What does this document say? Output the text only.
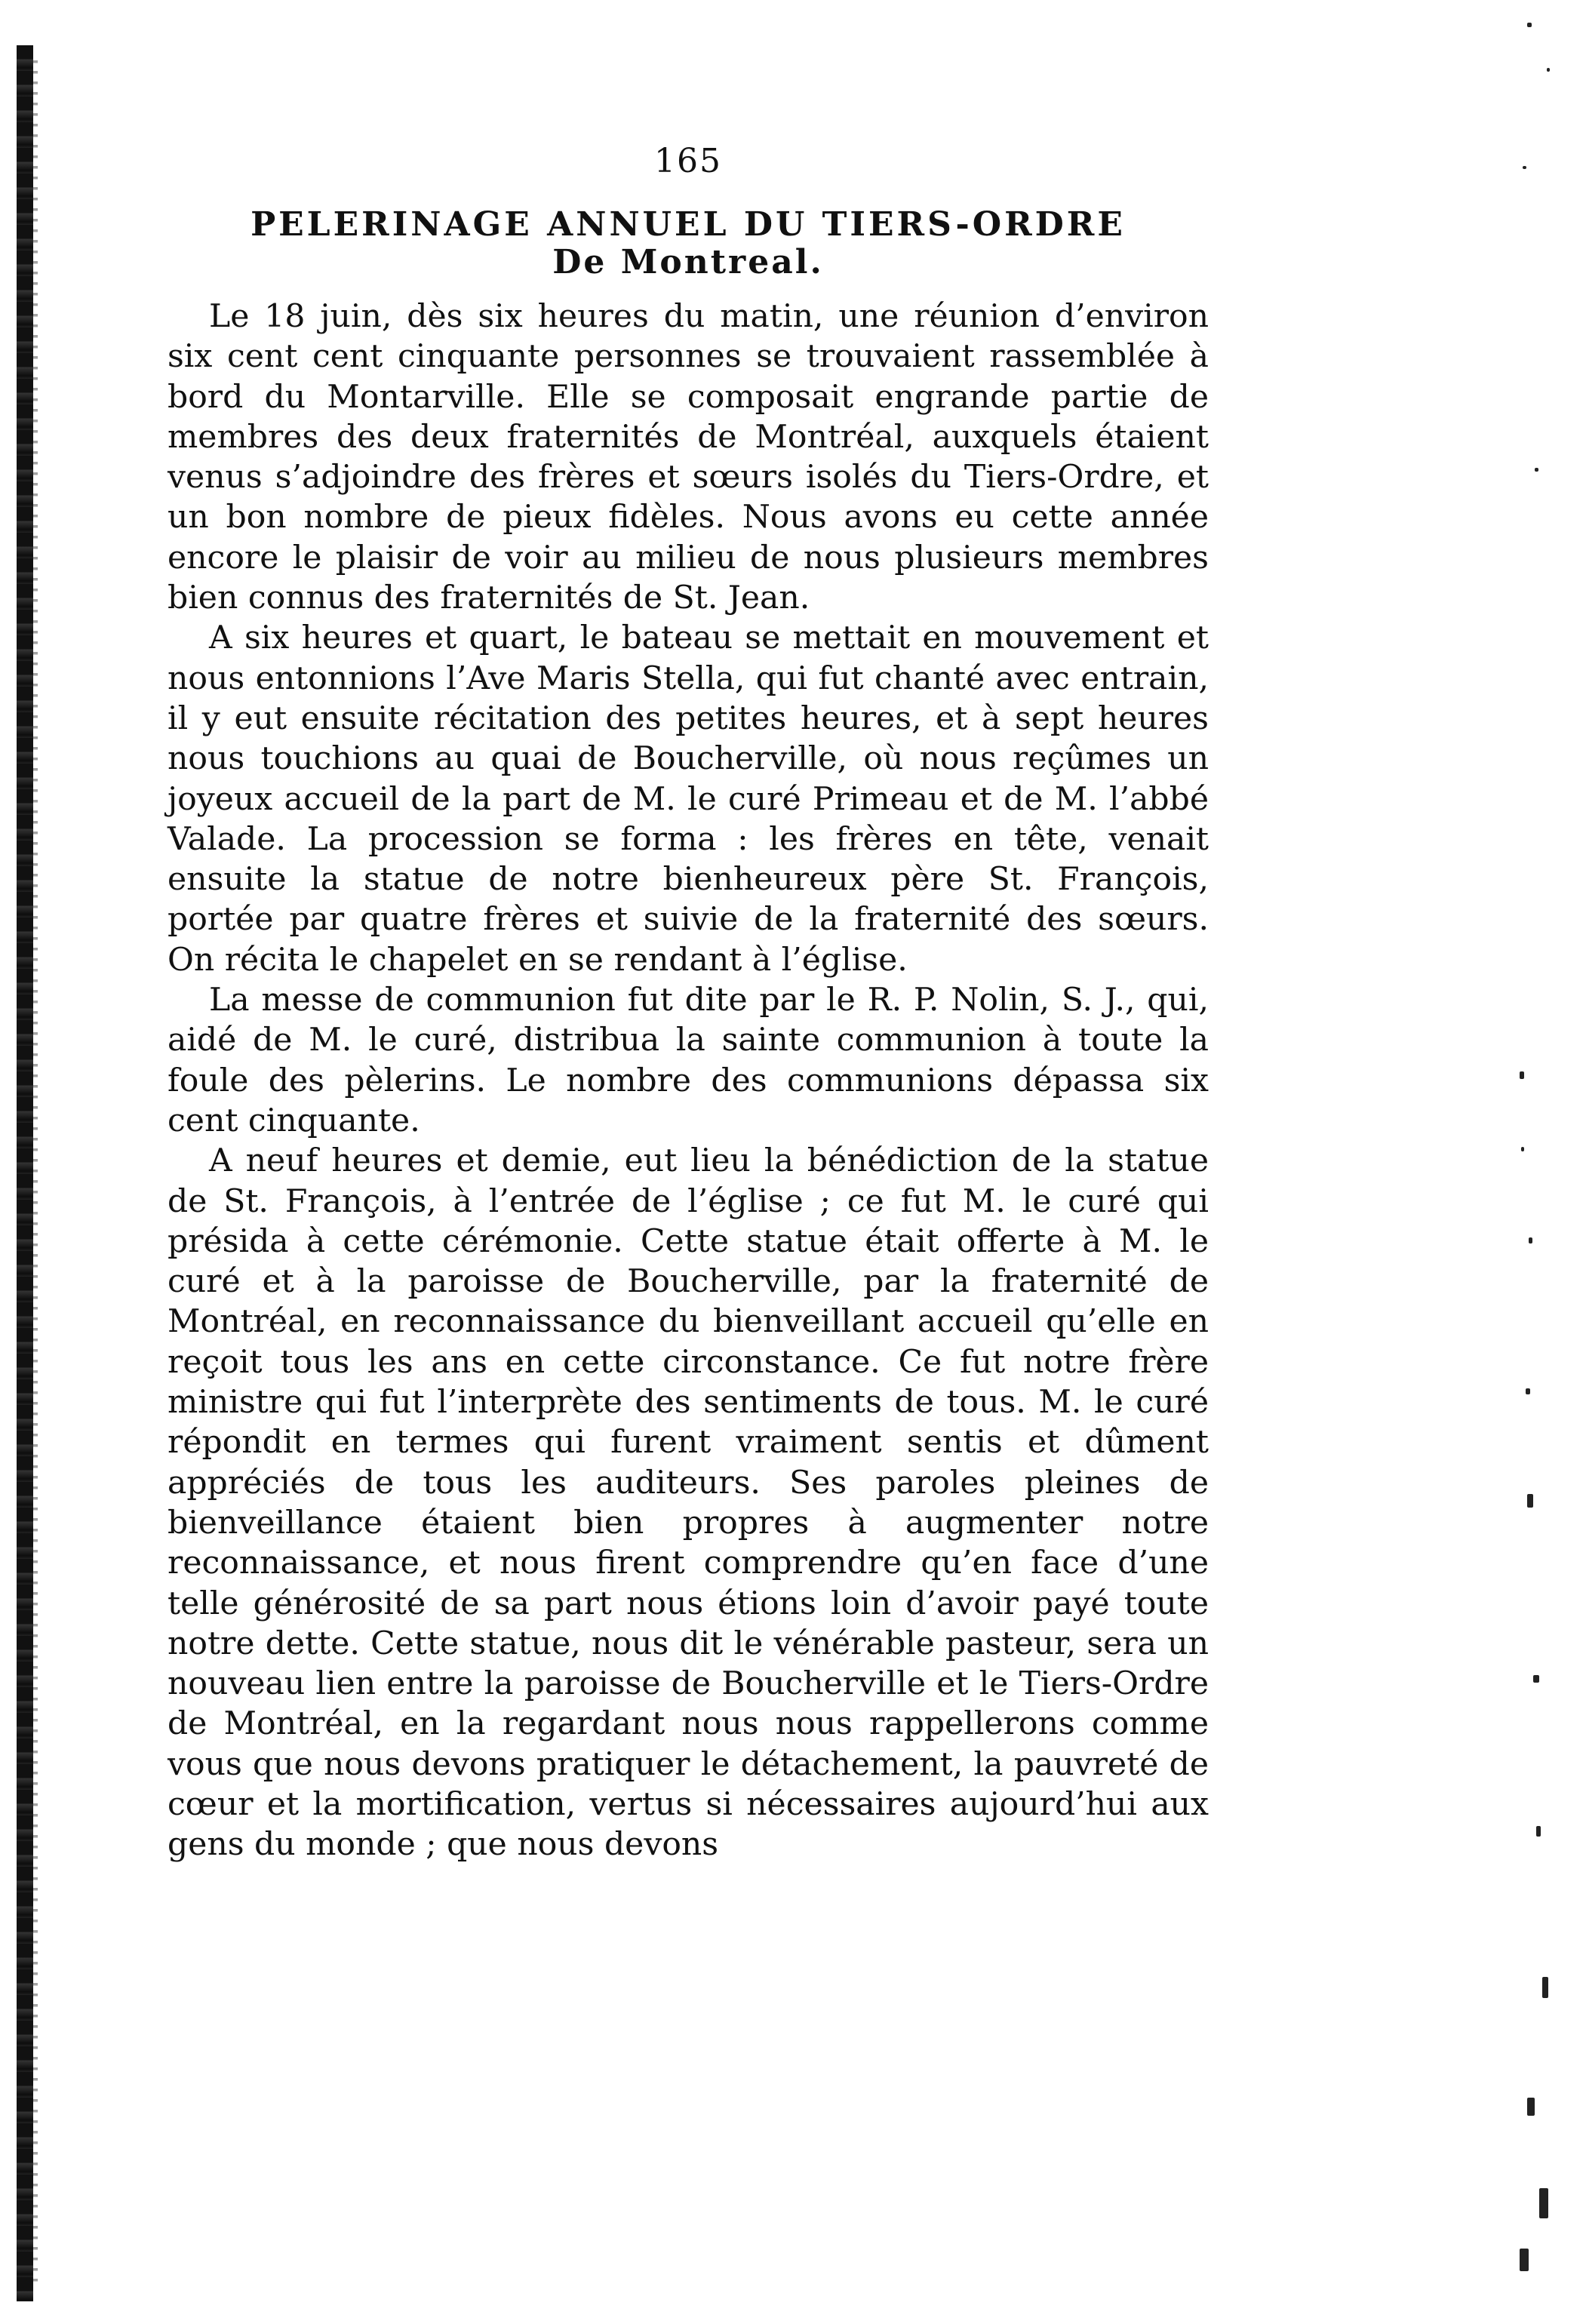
165
PELERINAGE ANNUEL DU TIERS-ORDRE
De Montreal.

Le 18 juin, dès six heures du matin, une réunion d’environ six cent cent cinquante personnes se trouvaient rassemblée à bord du Montarville. Elle se composait engrande partie de membres des deux fraternités de Montréal, auxquels étaient venus s’adjoindre des frères et sœurs isolés du Tiers-Ordre, et un bon nombre de pieux fidèles. Nous avons eu cette année encore le plaisir de voir au milieu de nous plusieurs membres bien connus des fraternités de St. Jean.

A six heures et quart, le bateau se mettait en mouvement et nous entonnions l’Ave Maris Stella, qui fut chanté avec entrain, il y eut ensuite récitation des petites heures, et à sept heures nous touchions au quai de Boucherville, où nous reçûmes un joyeux accueil de la part de M. le curé Primeau et de M. l’abbé Valade. La procession se forma : les frères en tête, venait ensuite la statue de notre bienheureux père St. François, portée par quatre frères et suivie de la fraternité des sœurs. On récita le chapelet en se rendant à l’église.

La messe de communion fut dite par le R. P. Nolin, S. J., qui, aidé de M. le curé, distribua la sainte communion à toute la foule des pèlerins. Le nombre des communions dépassa six cent cinquante.

A neuf heures et demie, eut lieu la bénédiction de la statue de St. François, à l’entrée de l’église ; ce fut M. le curé qui présida à cette cérémonie. Cette statue était offerte à M. le curé et à la paroisse de Boucherville, par la fraternité de Montréal, en reconnaissance du bienveillant accueil qu’elle en reçoit tous les ans en cette circonstance. Ce fut notre frère ministre qui fut l’interprète des sentiments de tous. M. le curé répondit en termes qui furent vraiment sentis et dûment appréciés de tous les auditeurs. Ses paroles pleines de bienveillance étaient bien propres à augmenter notre reconnaissance, et nous firent comprendre qu’en face d’une telle générosité de sa part nous étions loin d’avoir payé toute notre dette. Cette statue, nous dit le vénérable pasteur, sera un nouveau lien entre la paroisse de Boucherville et le Tiers-Ordre de Montréal, en la regardant nous nous rappellerons comme vous que nous devons pratiquer le détachement, la pauvreté de cœur et la mortification, vertus si nécessaires aujourd’hui aux gens du monde ; que nous devons
